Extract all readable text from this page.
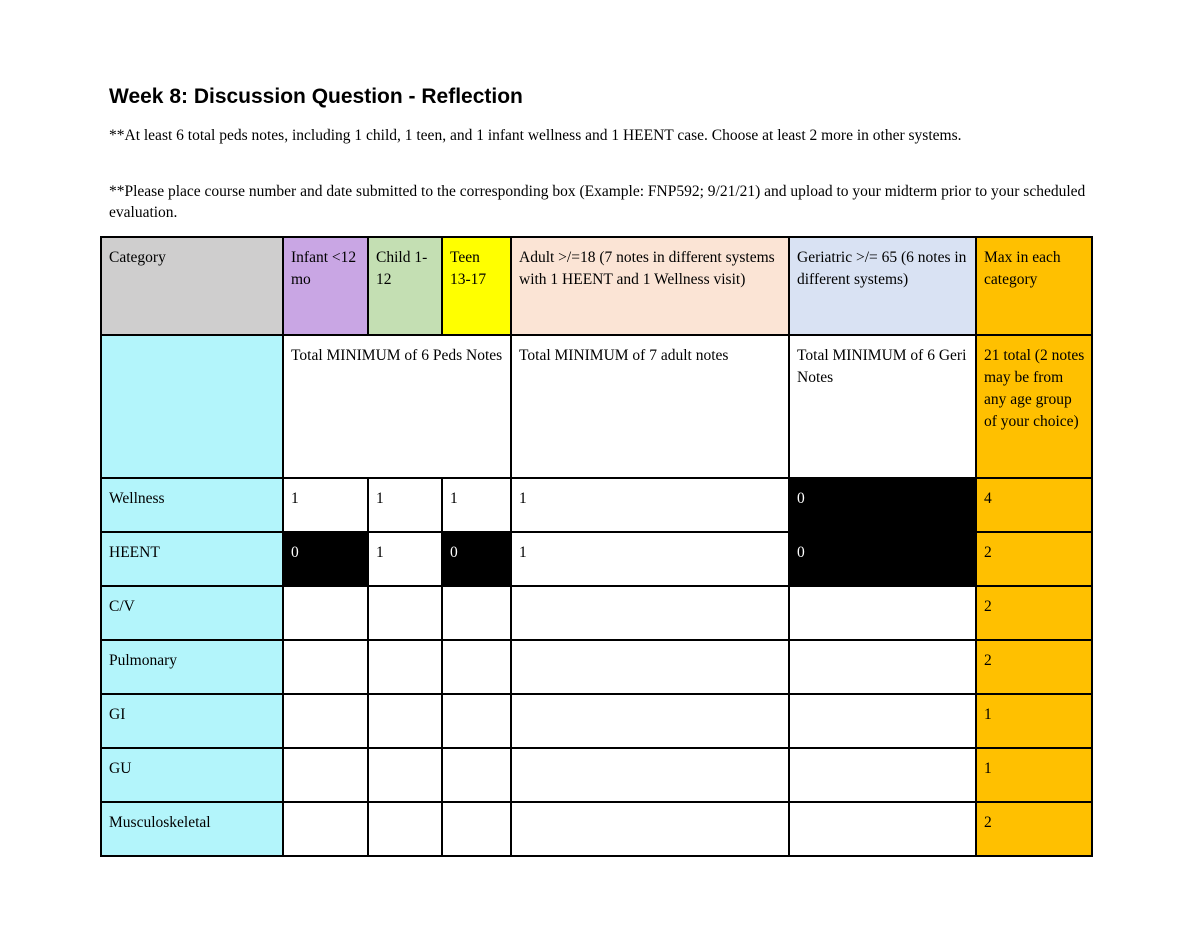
Week 8: Discussion Question - Reflection

**At least 6 total peds notes, including 1 child, 1 teen, and 1 infant wellness and 1 HEENT case. Choose at least 2 more in other systems.

**Please place course number and date submitted to the corresponding box (Example: FNP592; 9/21/21) and upload to your midterm prior to your scheduled evaluation.

Category	Infant <12 mo	Child 1-12	Teen 13-17	Adult >/=18 (7 notes in different systems with 1 HEENT and 1 Wellness visit)	Geriatric >/= 65 (6 notes in different systems)	Max in each category
	Total MINIMUM of 6 Peds Notes			Total MINIMUM of 7 adult notes	Total MINIMUM of 6 Geri Notes	21 total (2 notes may be from any age group of your choice)
Wellness	1	1	1	1	0	4
HEENT	0	1	0	1	0	2
C/V						2
Pulmonary						2
GI						1
GU						1
Musculoskeletal						2
